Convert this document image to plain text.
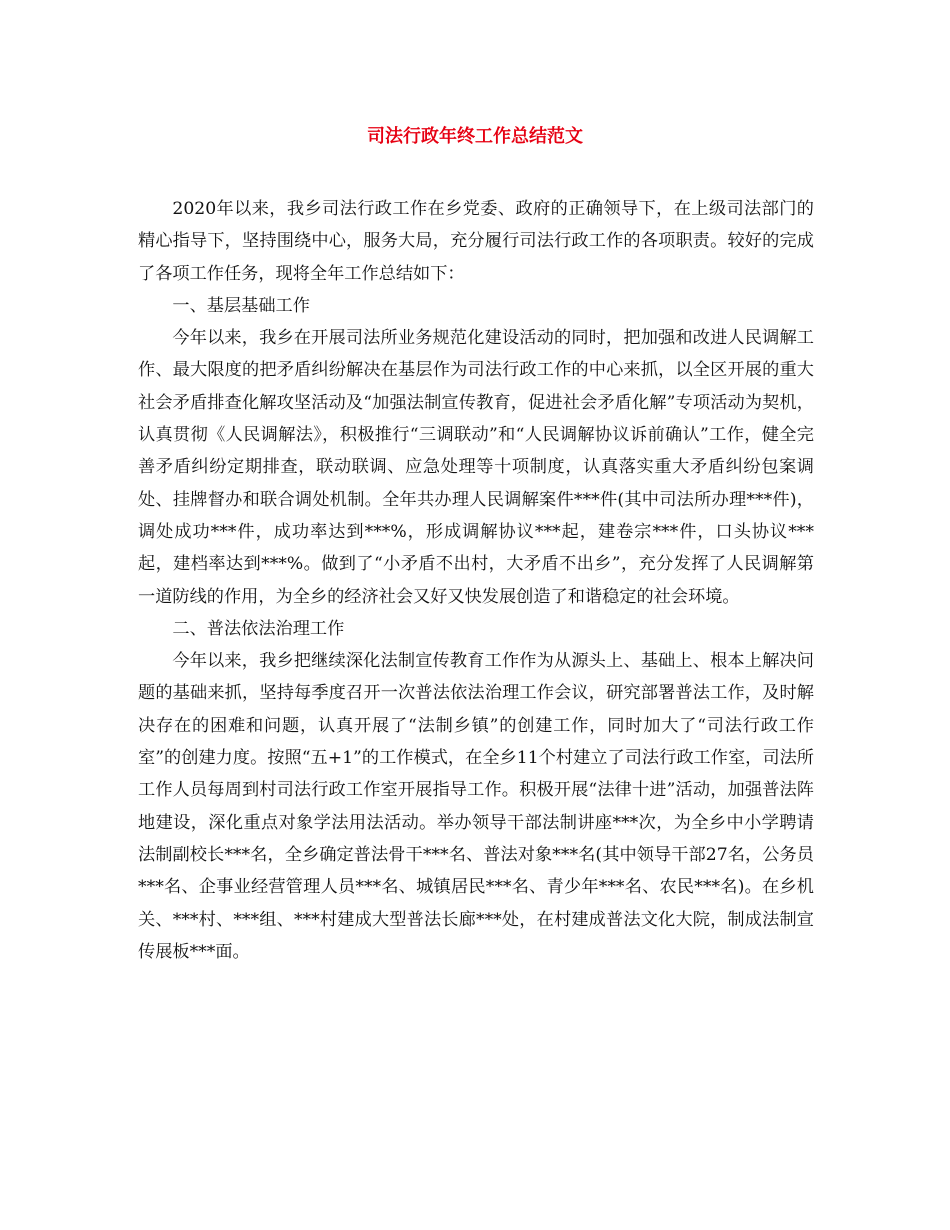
司法行政年终工作总结范文

2020年以来，我乡司法行政工作在乡党委、政府的正确领导下，在上级司法部门的精心指导下，坚持围绕中心，服务大局，充分履行司法行政工作的各项职责。较好的完成了各项工作任务，现将全年工作总结如下：

一、基层基础工作

今年以来，我乡在开展司法所业务规范化建设活动的同时，把加强和改进人民调解工作、最大限度的把矛盾纠纷解决在基层作为司法行政工作的中心来抓，以全区开展的重大社会矛盾排查化解攻坚活动及“加强法制宣传教育，促进社会矛盾化解”专项活动为契机，认真贯彻《人民调解法》，积极推行“三调联动”和“人民调解协议诉前确认”工作，健全完善矛盾纠纷定期排查，联动联调、应急处理等十项制度，认真落实重大矛盾纠纷包案调处、挂牌督办和联合调处机制。全年共办理人民调解案件***件(其中司法所办理***件)，调处成功***件，成功率达到***%，形成调解协议***起，建卷宗***件，口头协议***起，建档率达到***%。做到了“小矛盾不出村，大矛盾不出乡”，充分发挥了人民调解第一道防线的作用，为全乡的经济社会又好又快发展创造了和谐稳定的社会环境。

二、普法依法治理工作

今年以来，我乡把继续深化法制宣传教育工作作为从源头上、基础上、根本上解决问题的基础来抓，坚持每季度召开一次普法依法治理工作会议，研究部署普法工作，及时解决存在的困难和问题，认真开展了“法制乡镇”的创建工作，同时加大了“司法行政工作室”的创建力度。按照“五+1”的工作模式，在全乡11个村建立了司法行政工作室，司法所工作人员每周到村司法行政工作室开展指导工作。积极开展“法律十进”活动，加强普法阵地建设，深化重点对象学法用法活动。举办领导干部法制讲座***次，为全乡中小学聘请法制副校长***名，全乡确定普法骨干***名、普法对象***名(其中领导干部27名，公务员***名、企事业经营管理人员***名、城镇居民***名、青少年***名、农民***名)。在乡机关、***村、***组、***村建成大型普法长廊***处，在村建成普法文化大院，制成法制宣传展板***面。
